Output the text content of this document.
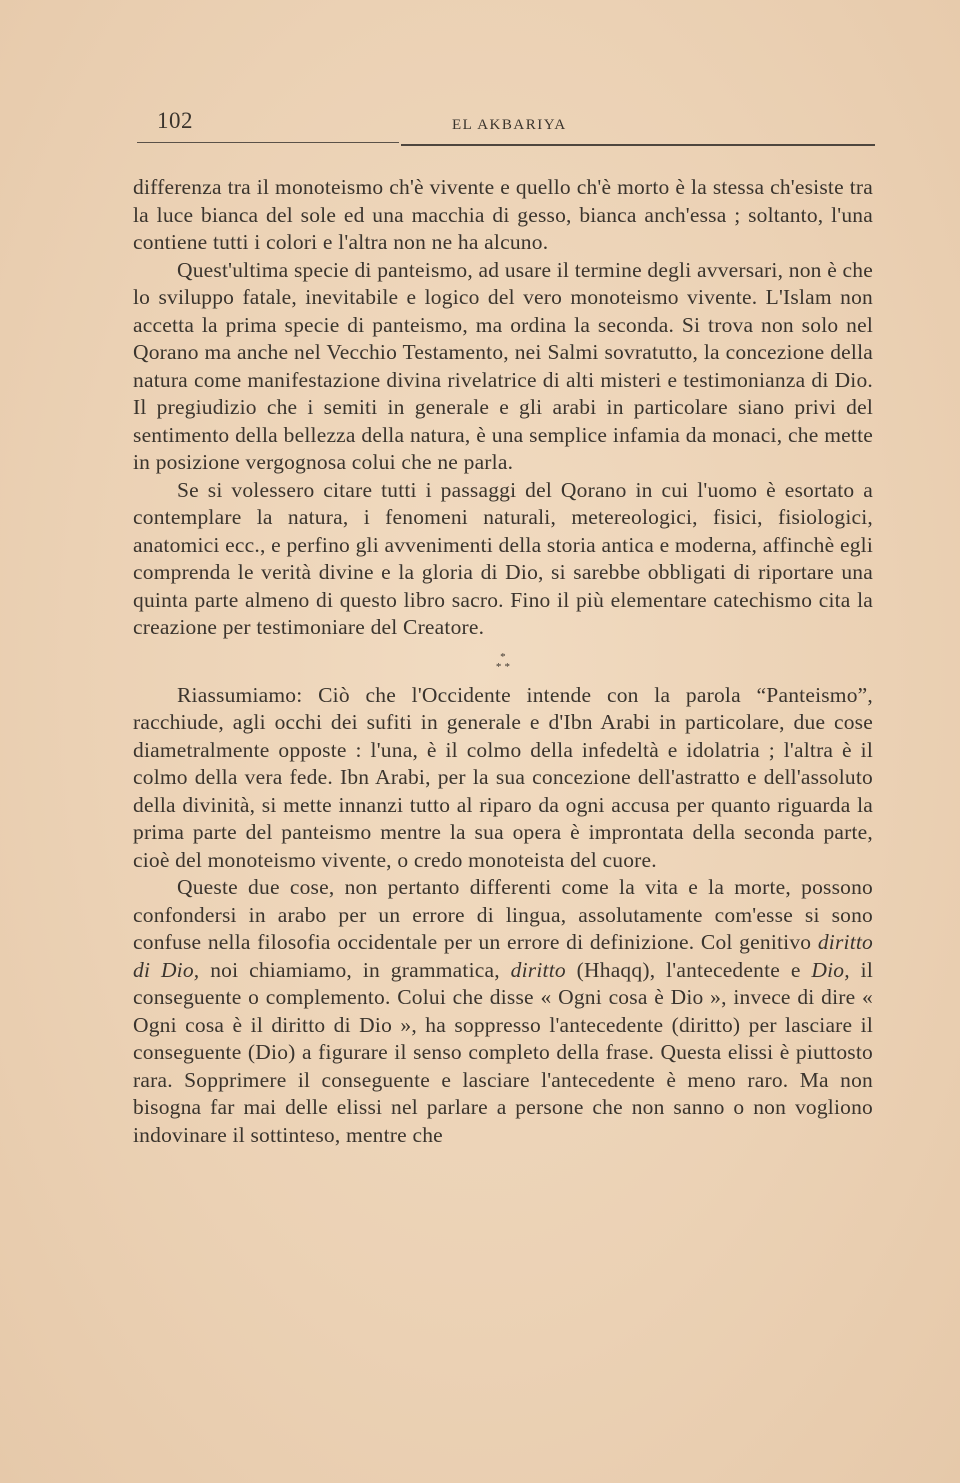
102	EL AKBARIYA

differenza tra il monoteismo ch'è vivente e quello ch'è morto è la stessa ch'esiste tra la luce bianca del sole ed una macchia di gesso, bianca anch'essa ; soltanto, l'una contiene tutti i colori e l'altra non ne ha alcuno.

Quest'ultima specie di panteismo, ad usare il termine degli avversari, non è che lo sviluppo fatale, inevitabile e logico del vero monoteismo vivente. L'Islam non accetta la prima specie di panteismo, ma ordina la seconda. Si trova non solo nel Qorano ma anche nel Vecchio Testamento, nei Salmi sovratutto, la concezione della natura come manifestazione divina rivelatrice di alti misteri e testimonianza di Dio. Il pregiudizio che i semiti in generale e gli arabi in particolare siano privi del sentimento della bellezza della natura, è una semplice infamia da monaci, che mette in posizione vergognosa colui che ne parla.

Se si volessero citare tutti i passaggi del Qorano in cui l'uomo è esortato a contemplare la natura, i fenomeni naturali, metereologici, fisici, fisiologici, anatomici ecc., e perfino gli avvenimenti della storia antica e moderna, affinchè egli comprenda le verità divine e la gloria di Dio, si sarebbe obbligati di riportare una quinta parte almeno di questo libro sacro. Fino il più elementare catechismo cita la creazione per testimoniare del Creatore.

*
* *

Riassumiamo: Ciò che l'Occidente intende con la parola “Panteismo”, racchiude, agli occhi dei sufiti in generale e d'Ibn Arabi in particolare, due cose diametralmente opposte : l'una, è il colmo della infedeltà e idolatria ; l'altra è il colmo della vera fede. Ibn Arabi, per la sua concezione dell'astratto e dell'assoluto della divinità, si mette innanzi tutto al riparo da ogni accusa per quanto riguarda la prima parte del panteismo mentre la sua opera è improntata della seconda parte, cioè del monoteismo vivente, o credo monoteista del cuore.

Queste due cose, non pertanto differenti come la vita e la morte, possono confondersi in arabo per un errore di lingua, assolutamente com'esse si sono confuse nella filosofia occidentale per un errore di definizione. Col genitivo diritto di Dio, noi chiamiamo, in grammatica, diritto (Hhaqq), l'antecedente e Dio, il conseguente o complemento. Colui che disse « Ogni cosa è Dio », invece di dire « Ogni cosa è il diritto di Dio », ha soppresso l'antecedente (diritto) per lasciare il conseguente (Dio) a figurare il senso completo della frase. Questa elissi è piuttosto rara. Sopprimere il conseguente e lasciare l'antecedente è meno raro. Ma non bisogna far mai delle elissi nel parlare a persone che non sanno o non vogliono indovinare il sottinteso, mentre che
